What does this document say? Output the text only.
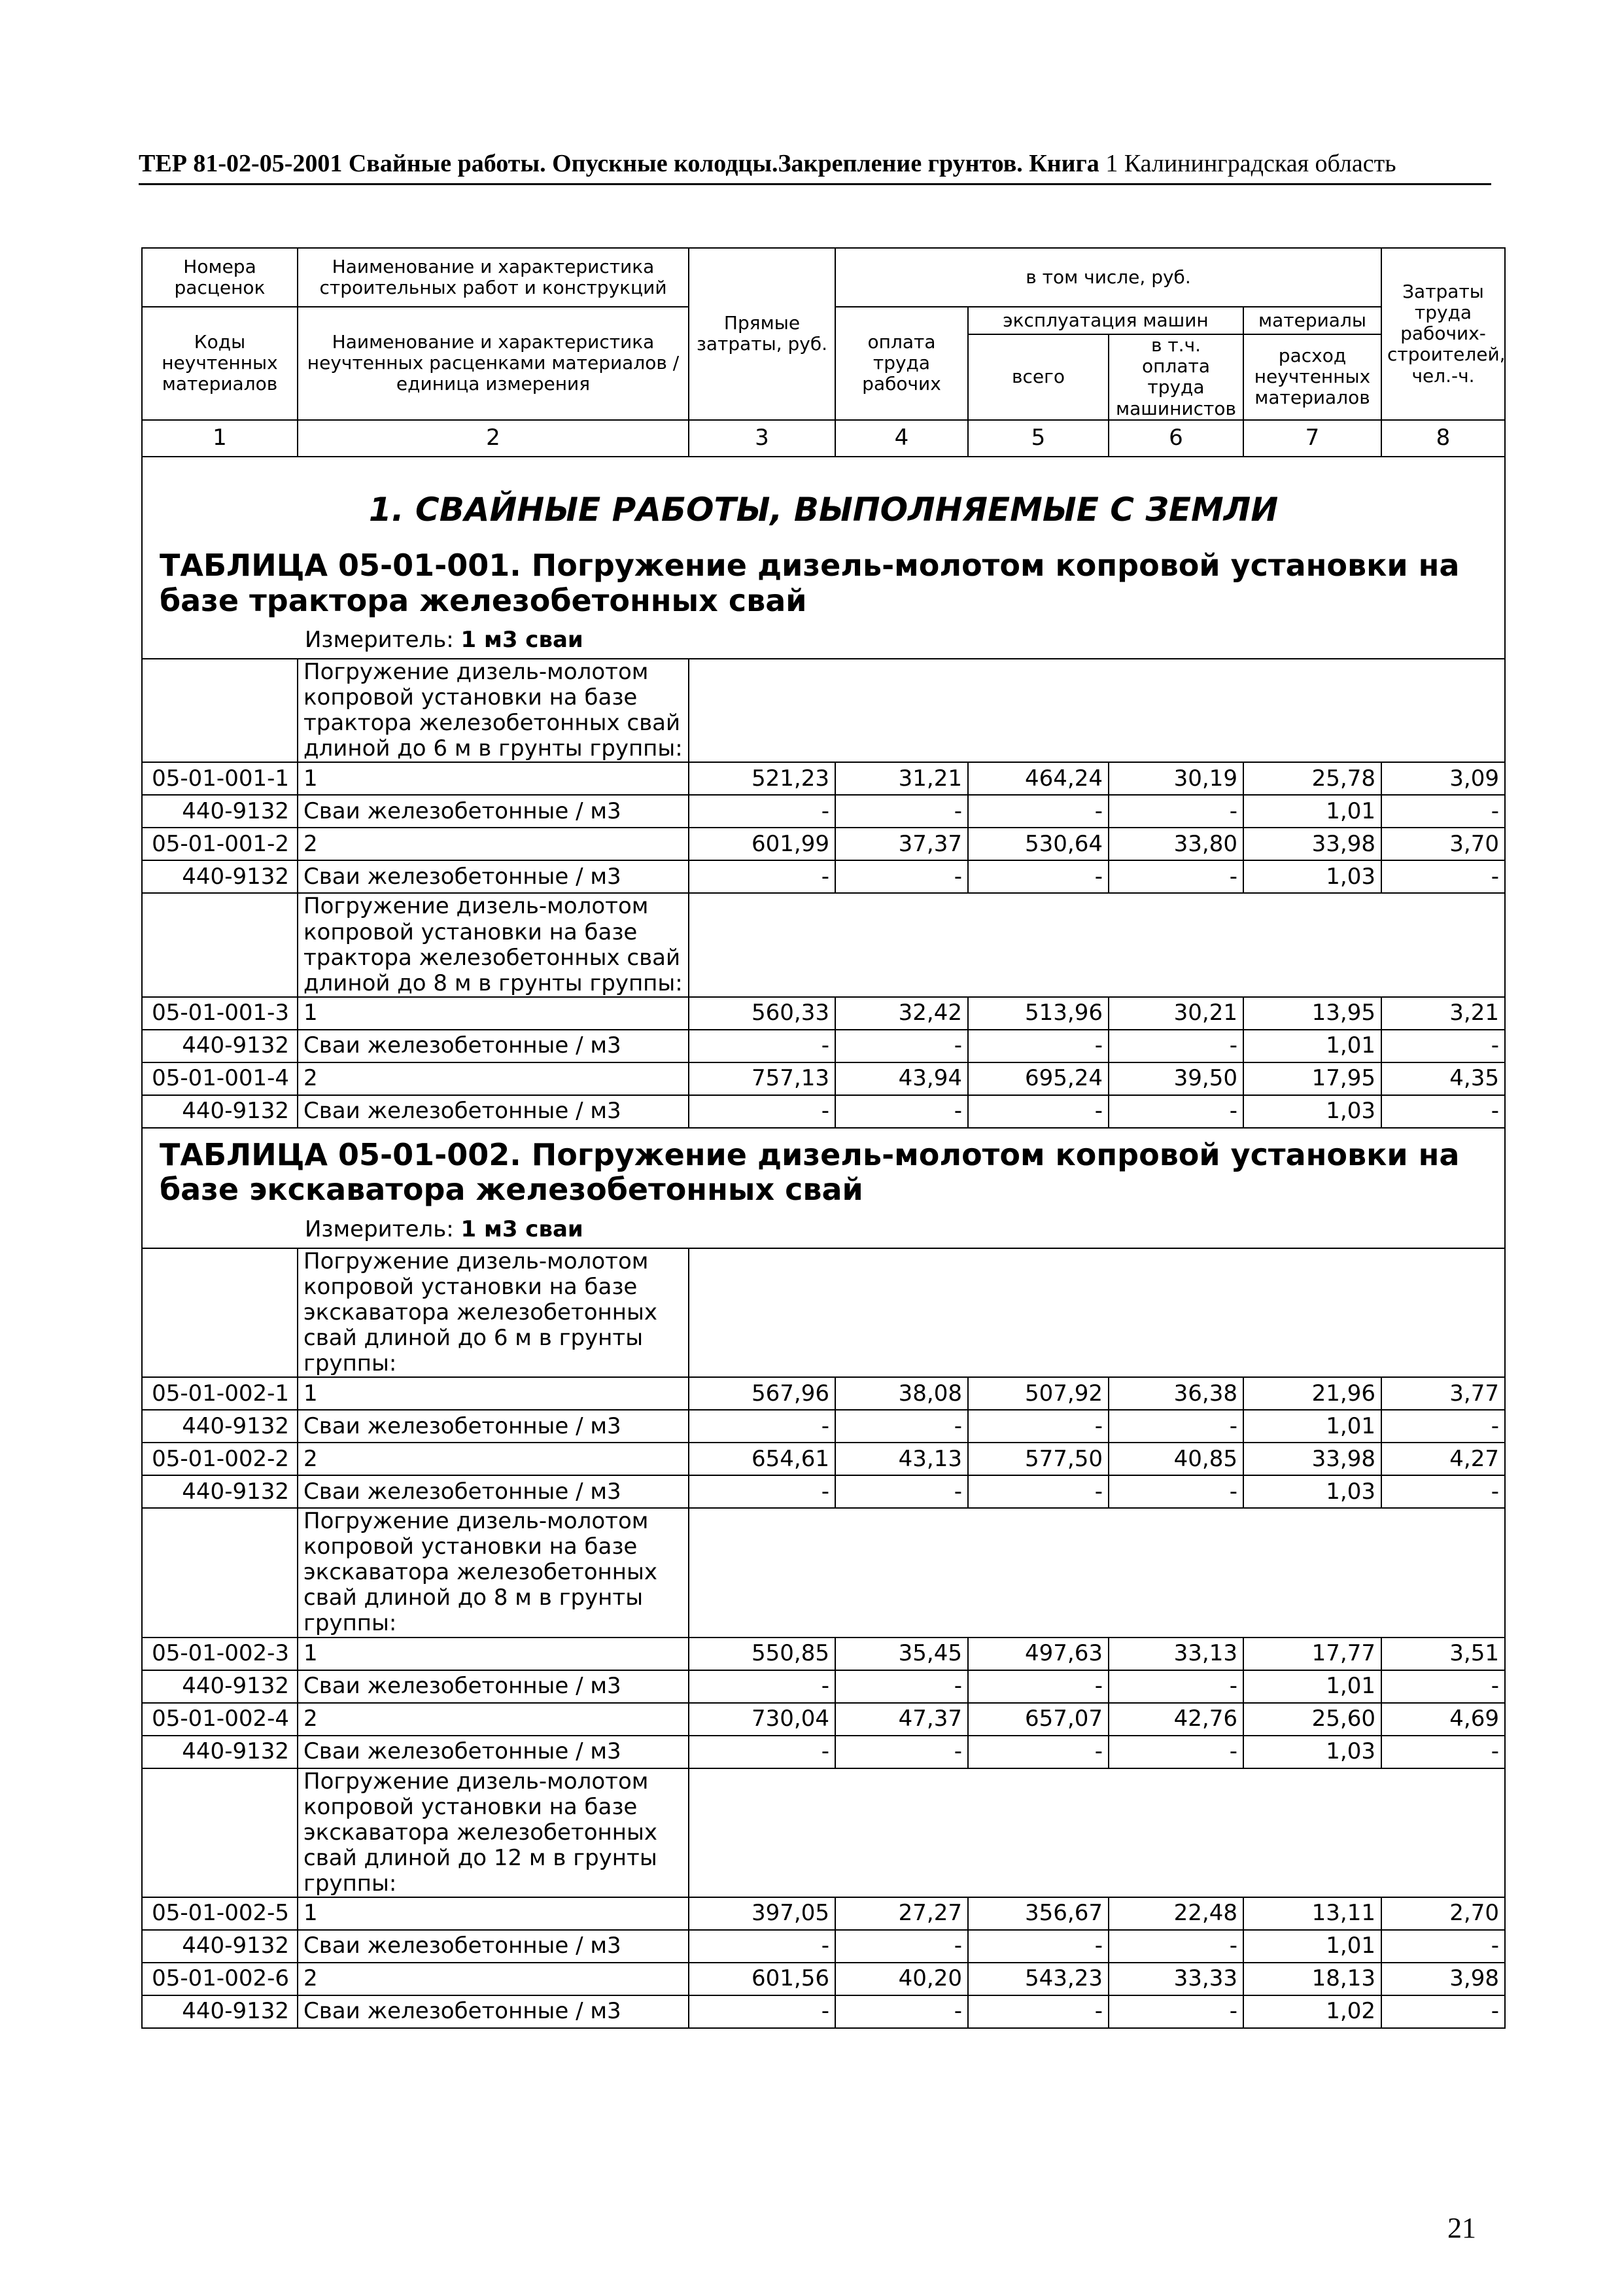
ТЕР 81-02-05-2001 Свайные работы. Опускные колодцы.Закрепление грунтов. Книга 1 Калининградская область
Номера расценок	Наименование и характеристика строительных работ и конструкций	Прямые затраты, руб.	в том числе, руб.				Затраты труда рабочих-строителей, чел.-ч.
Коды неучтенных материалов	Наименование и характеристика неучтенных расценками материалов / единица измерения		оплата труда рабочих	эксплуатация машин		материалы	
				всего	в т.ч. оплата труда машинистов	расход неучтенных материалов	
1	2	3	4	5	6	7	8

1. СВАЙНЫЕ РАБОТЫ, ВЫПОЛНЯЕМЫЕ С ЗЕМЛИ
ТАБЛИЦА 05-01-001. Погружение дизель-молотом копровой установки на базе трактора железобетонных свай
Измеритель: 1 м3 сваи							

	Погружение дизель-молотом копровой установки на базе трактора железобетонных свай длиной до 6 м в грунты группы:						
05-01-001-1	1	521,23	31,21	464,24	30,19	25,78	3,09
440-9132	Сваи железобетонные / м3	-	-	-	-	1,01	-
05-01-001-2	2	601,99	37,37	530,64	33,80	33,98	3,70
440-9132	Сваи железобетонные / м3	-	-	-	-	1,03	-
	Погружение дизель-молотом копровой установки на базе трактора железобетонных свай длиной до 8 м в грунты группы:						
05-01-001-3	1	560,33	32,42	513,96	30,21	13,95	3,21
440-9132	Сваи железобетонные / м3	-	-	-	-	1,01	-
05-01-001-4	2	757,13	43,94	695,24	39,50	17,95	4,35
440-9132	Сваи железобетонные / м3	-	-	-	-	1,03	-

ТАБЛИЦА 05-01-002. Погружение дизель-молотом копровой установки на базе экскаватора железобетонных свай
Измеритель: 1 м3 сваи							

	Погружение дизель-молотом копровой установки на базе экскаватора железобетонных свай длиной до 6 м в грунты группы:						
05-01-002-1	1	567,96	38,08	507,92	36,38	21,96	3,77
440-9132	Сваи железобетонные / м3	-	-	-	-	1,01	-
05-01-002-2	2	654,61	43,13	577,50	40,85	33,98	4,27
440-9132	Сваи железобетонные / м3	-	-	-	-	1,03	-
	Погружение дизель-молотом копровой установки на базе экскаватора железобетонных свай длиной до 8 м в грунты группы:						
05-01-002-3	1	550,85	35,45	497,63	33,13	17,77	3,51
440-9132	Сваи железобетонные / м3	-	-	-	-	1,01	-
05-01-002-4	2	730,04	47,37	657,07	42,76	25,60	4,69
440-9132	Сваи железобетонные / м3	-	-	-	-	1,03	-
	Погружение дизель-молотом копровой установки на базе экскаватора железобетонных свай длиной до 12 м в грунты группы:						
05-01-002-5	1	397,05	27,27	356,67	22,48	13,11	2,70
440-9132	Сваи железобетонные / м3	-	-	-	-	1,01	-
05-01-002-6	2	601,56	40,20	543,23	33,33	18,13	3,98
440-9132	Сваи железобетонные / м3	-	-	-	-	1,02	-
21
